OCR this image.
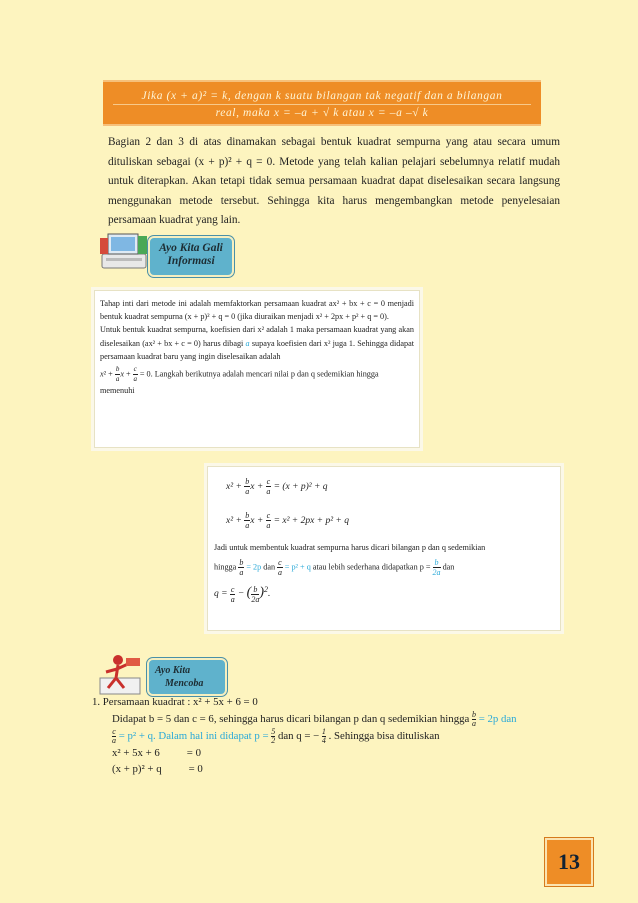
Jika (x + a)² = k, dengan k suatu bilangan tak negatif dan a bilangan
real, maka x = –a + √ k atau x = –a –√ k

Bagian 2 dan 3 di atas dinamakan sebagai bentuk kuadrat sempurna yang atau secara umum dituliskan sebagai (x + p)² + q = 0. Metode yang telah kalian pelajari sebelumnya relatif mudah untuk diterapkan. Akan tetapi tidak semua persamaan kuadrat dapat diselesaikan secara langsung menggunakan metode tersebut. Sehingga kita harus mengembangkan metode penyelesaian persamaan kuadrat yang lain.

Ayo Kita Gali
Informasi
Tahap inti dari metode ini adalah memfaktorkan persamaan kuadrat ax² + bx + c = 0 menjadi bentuk kuadrat sempurna (x + p)² + q = 0 (jika diuraikan menjadi x² + 2px + p² + q = 0).
Untuk bentuk kuadrat sempurna, koefisien dari x² adalah 1 maka persamaan kuadrat yang akan diselesaikan (ax² + bx + c = 0) harus dibagi a supaya koefisien dari x² juga 1. Sehingga didapat persamaan kuadrat baru yang ingin diselesaikan adalah
$x^2 + \frac{b}{a}$ $x + \frac{c}{a} = 0$. Langkah berikutnya adalah mencari nilai p dan q sedemikian hingga memenuhi
$x^2 + \frac{b}{a}$ $x + \frac{c}{a} = (x + p)^2 + q$
$x^2 + \frac{b}{a}$ $x + \frac{c}{a} = x^2 + 2px + p^2 + q$
Jadi untuk membentuk kuadrat sempurna harus dicari bilangan p dan q sedemikian
hingga $\frac{b}{a} = 2p$ dan $\frac{c}{a} = p^2 + q$ atau lebih sederhana didapatkan $p = \frac{b}{2a}$ dan
$q = \frac{c}{a}$ − ( $\frac{b}{2a} )^2$.
Ayo Kita
Mencoba
1. Persamaan kuadrat : x² + 5x + 6 = 0
Didapat b = 5 dan c = 6, sehingga harus dicari bilangan p dan q sedemikian hingga $\frac{b}{a} = 2p$ dan
$\frac{c}{a} = p^2 + q$. Dalam hal ini didapat $p = \frac{5}{2}$ dan q = − $\frac{1}{4}$ . Sehingga bisa dituliskan
x² + 5x + 6          = 0
(x + p)² + q          = 0
13
